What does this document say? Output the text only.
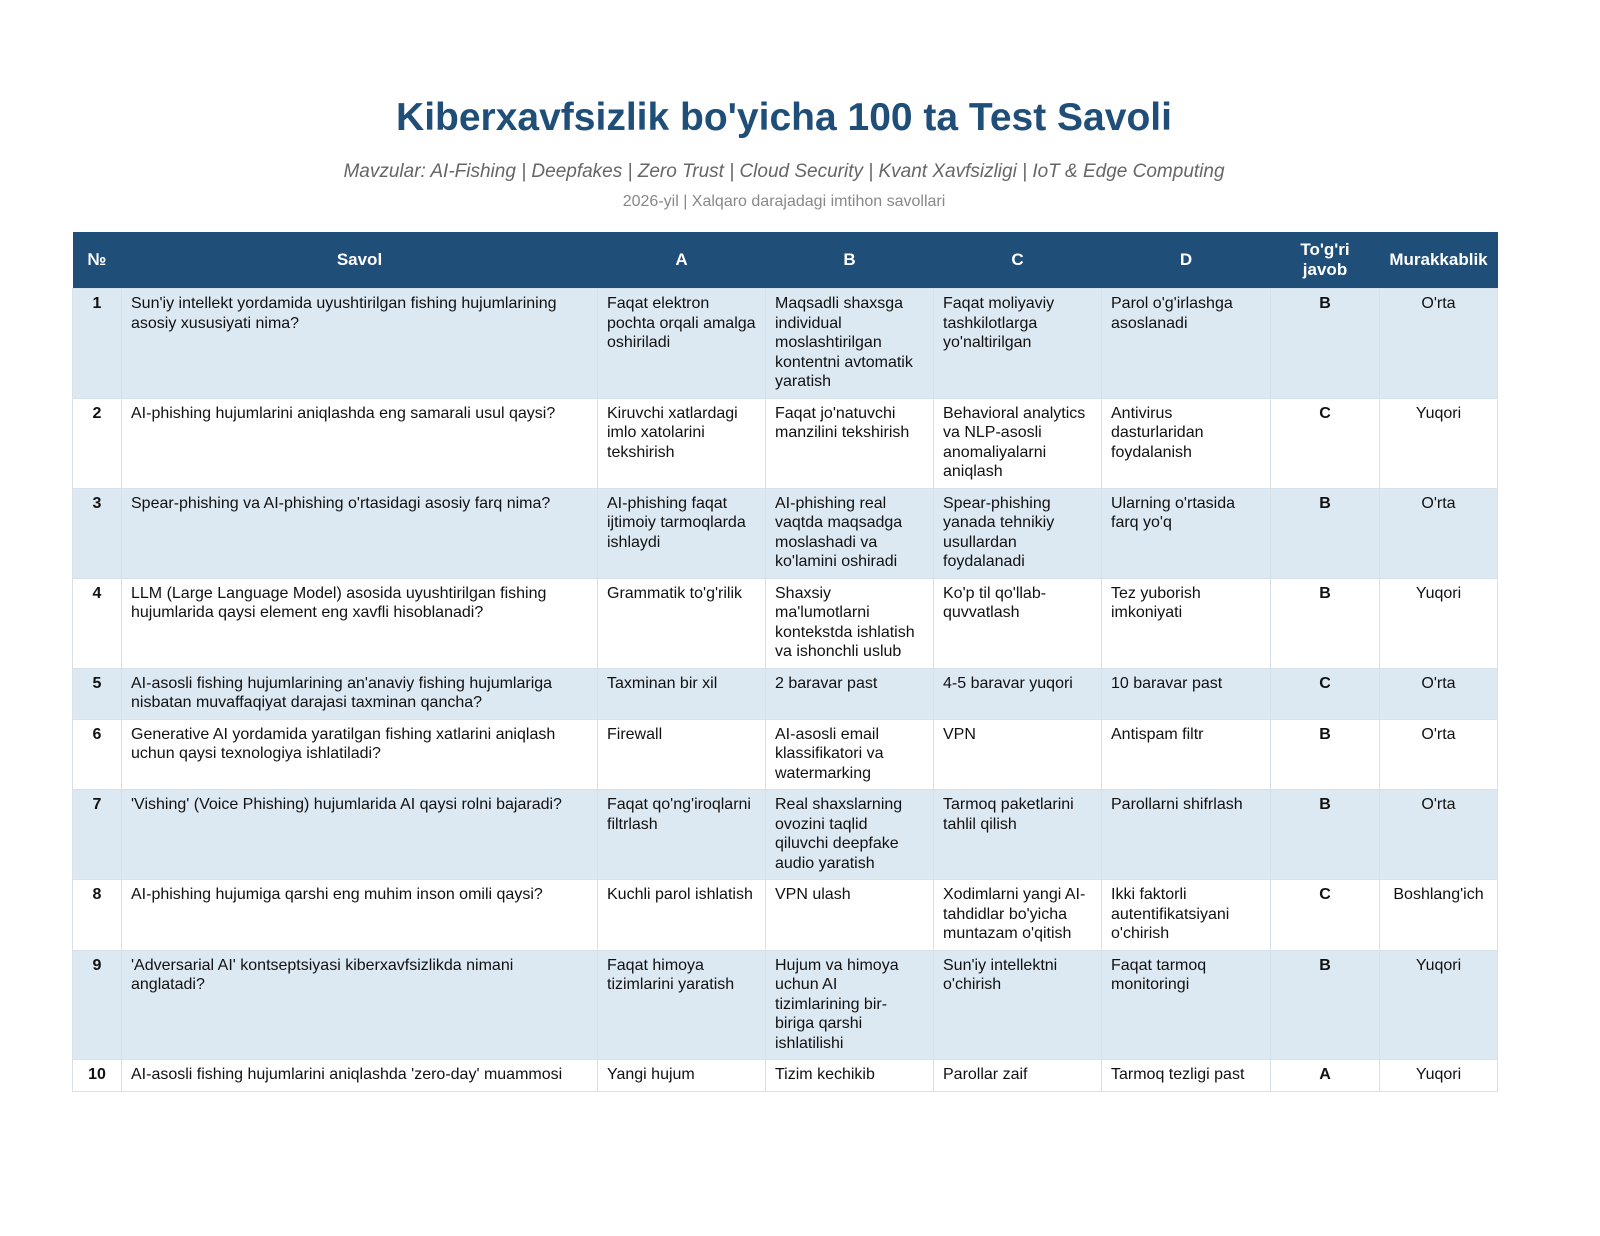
Kiberxavfsizlik bo'yicha 100 ta Test Savoli
Mavzular: AI-Fishing | Deepfakes | Zero Trust | Cloud Security | Kvant Xavfsizligi | IoT & Edge Computing
2026-yil | Xalqaro darajadagi imtihon savollari
№	Savol	A	B	C	D	To'g'ri javob	Murakkablik
1	Sun'iy intellekt yordamida uyushtirilgan fishing hujumlarining asosiy xususiyati nima?	Faqat elektron pochta orqali amalga oshiriladi	Maqsadli shaxsga individual moslashtirilgan kontentni avtomatik yaratish	Faqat moliyaviy tashkilotlarga yo'naltirilgan	Parol o'g'irlashga asoslanadi	B	O'rta
2	AI-phishing hujumlarini aniqlashda eng samarali usul qaysi?	Kiruvchi xatlardagi imlo xatolarini tekshirish	Faqat jo'natuvchi manzilini tekshirish	Behavioral analytics va NLP-asosli anomaliyalarni aniqlash	Antivirus dasturlaridan foydalanish	C	Yuqori
3	Spear-phishing va AI-phishing o'rtasidagi asosiy farq nima?	AI-phishing faqat ijtimoiy tarmoqlarda ishlaydi	AI-phishing real vaqtda maqsadga moslashadi va ko'lamini oshiradi	Spear-phishing yanada tehnikiy usullardan foydalanadi	Ularning o'rtasida farq yo'q	B	O'rta
4	LLM (Large Language Model) asosida uyushtirilgan fishing hujumlarida qaysi element eng xavfli hisoblanadi?	Grammatik to'g'rilik	Shaxsiy ma'lumotlarni kontekstda ishlatish va ishonchli uslub	Ko'p til qo'llab-quvvatlash	Tez yuborish imkoniyati	B	Yuqori
5	AI-asosli fishing hujumlarining an'anaviy fishing hujumlariga nisbatan muvaffaqiyat darajasi taxminan qancha?	Taxminan bir xil	2 baravar past	4-5 baravar yuqori	10 baravar past	C	O'rta
6	Generative AI yordamida yaratilgan fishing xatlarini aniqlash uchun qaysi texnologiya ishlatiladi?	Firewall	AI-asosli email klassifikatori va watermarking	VPN	Antispam filtr	B	O'rta
7	'Vishing' (Voice Phishing) hujumlarida AI qaysi rolni bajaradi?	Faqat qo'ng'iroqlarni filtrlash	Real shaxslarning ovozini taqlid qiluvchi deepfake audio yaratish	Tarmoq paketlarini tahlil qilish	Parollarni shifrlash	B	O'rta
8	AI-phishing hujumiga qarshi eng muhim inson omili qaysi?	Kuchli parol ishlatish	VPN ulash	Xodimlarni yangi AI-tahdidlar bo'yicha muntazam o'qitish	Ikki faktorli autentifikatsiyani o'chirish	C	Boshlang'ich
9	'Adversarial AI' kontseptsiyasi kiberxavfsizlikda nimani anglatadi?	Faqat himoya tizimlarini yaratish	Hujum va himoya uchun AI tizimlarining bir-biriga qarshi ishlatilishi	Sun'iy intellektni o'chirish	Faqat tarmoq monitoringi	B	Yuqori
10	AI-asosli fishing hujumlarini aniqlashda 'zero-day' muammosi	Yangi hujum	Tizim kechikib	Parollar zaif	Tarmoq tezligi past	A	Yuqori
